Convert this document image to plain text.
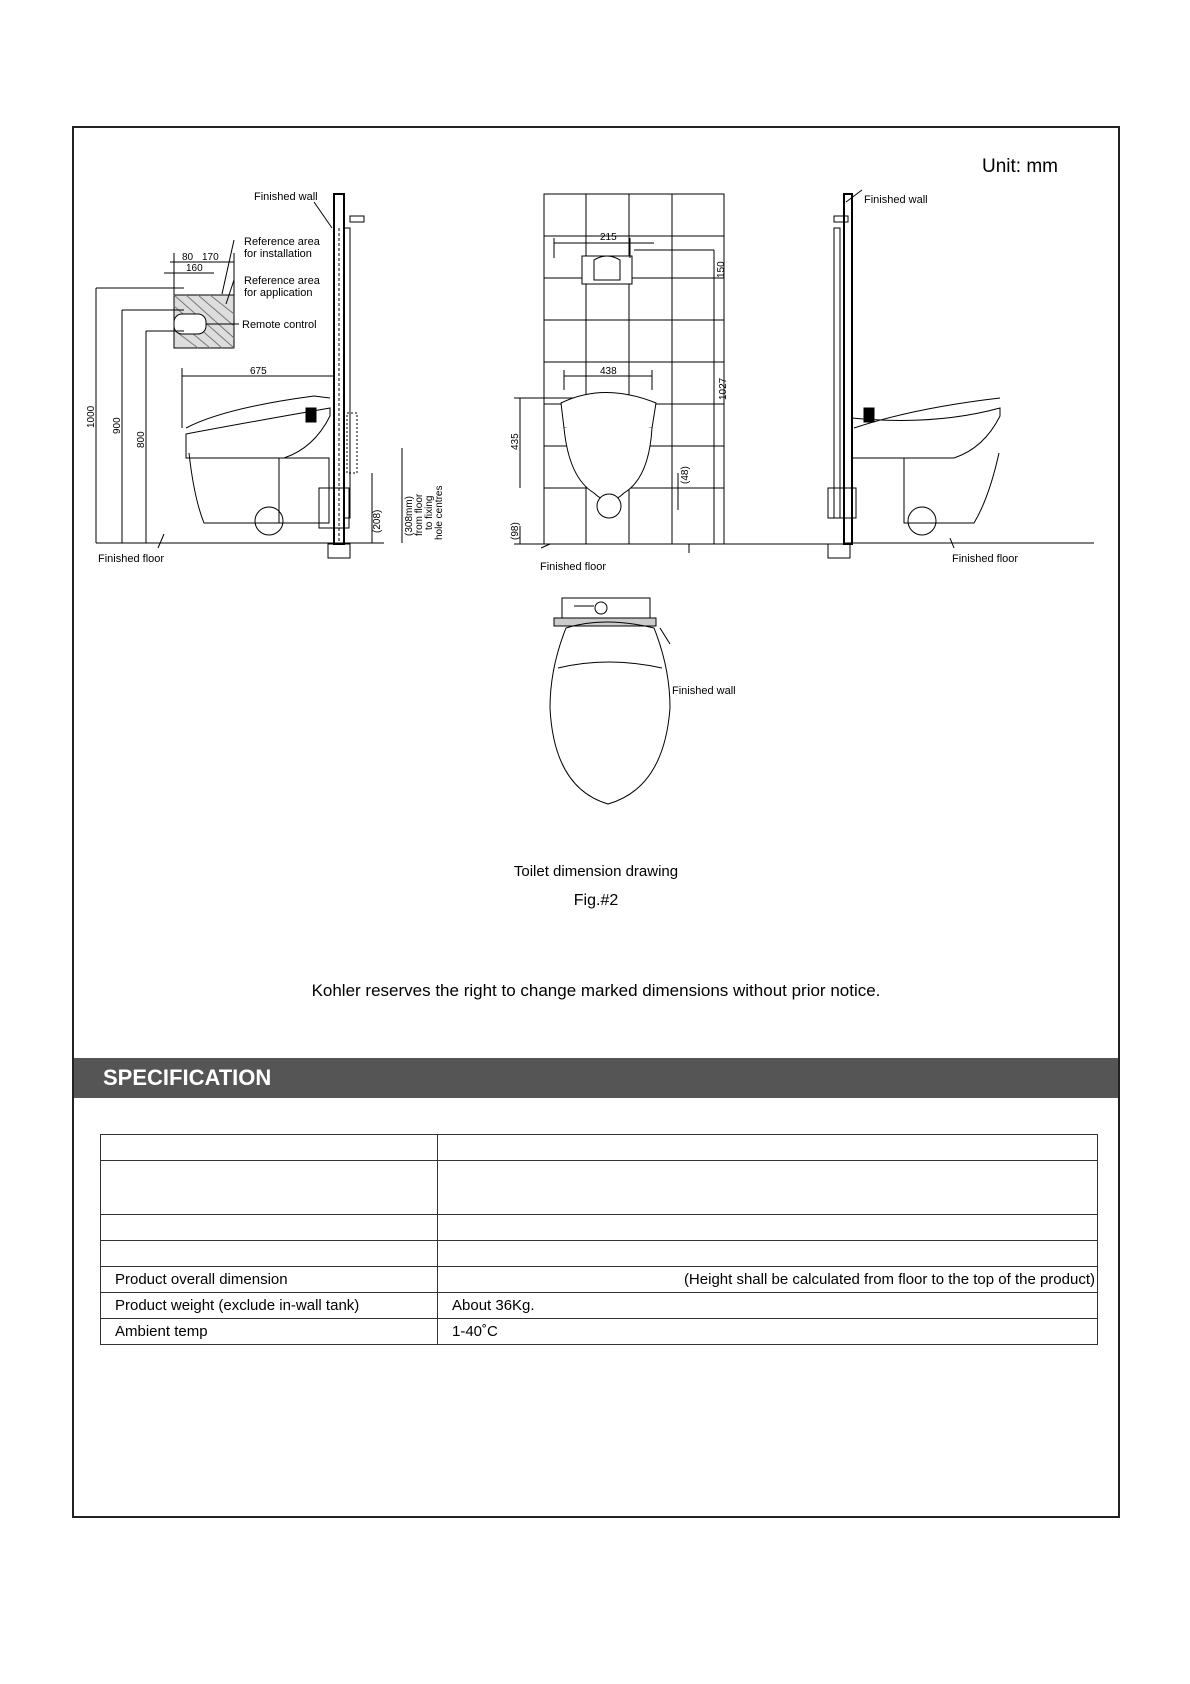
Unit: mm
Finished wall
Reference area
for installation
Reference area
for application
Remote control
Finished floor
80 170
160
675
1000 900
800
(208) (308mm) from floor to fixing hole centres
215
150
438
1027
435
(48)
(98)
Finished floor
Finished wall
Finished floor
Finished wall
Toilet dimension drawing
Fig.#2
Kohler reserves the right to change marked dimensions without prior notice.
SPECIFICATION

Product overall dimension	(Height shall be calculated from floor to the top of the product)
Product weight (exclude in-wall tank)	About 36Kg.
Ambient temp	1-40˚C
